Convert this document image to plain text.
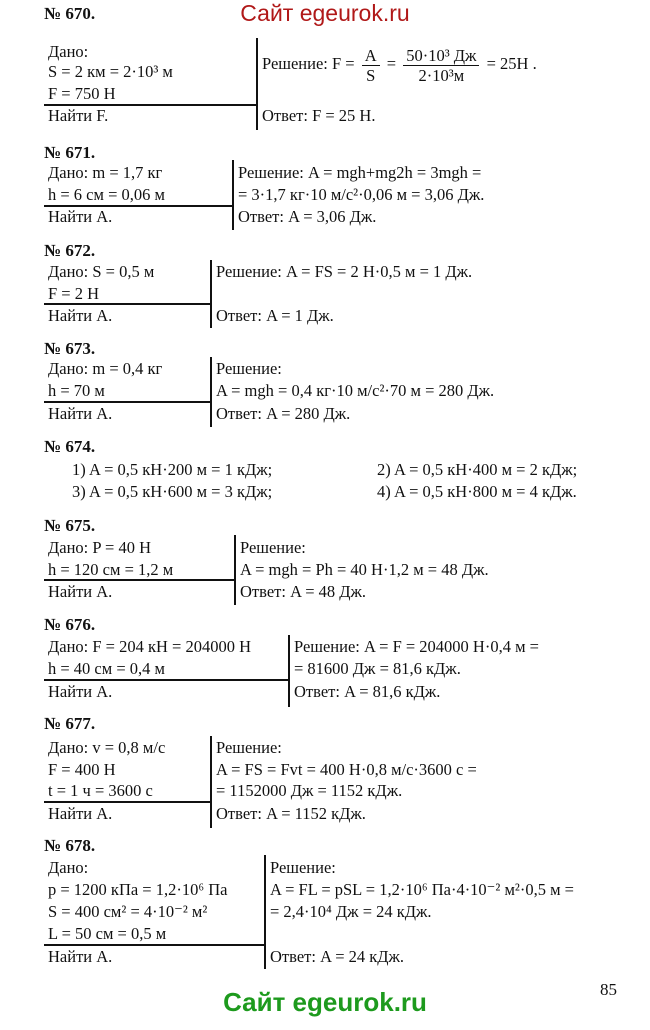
Сайт egeurok.ru
№ 670.
Дано:
S = 2 км = 2·10³ м
F = 750 Н
Найти F.
Решение: $F = \frac{A}{S} = \frac{\text{50·10³ Дж}}{\text{2·10³м}} = 25Н$ .
Ответ: F = 25 Н.
№ 671.
Дано: m = 1,7 кг
h = 6 см = 0,06 м
Найти A.
Решение: A = mgh+mg2h = 3mgh =
= 3·1,7 кг·10 м/с²·0,06 м = 3,06 Дж.
Ответ: A = 3,06 Дж.
№ 672.
Дано: S = 0,5 м
F = 2 Н
Найти A.
Решение: A = FS = 2 Н·0,5 м = 1 Дж.
Ответ: A = 1 Дж.
№ 673.
Дано: m = 0,4 кг
h = 70 м
Найти A.
Решение:
A = mgh = 0,4 кг·10 м/с²·70 м = 280 Дж.
Ответ: A = 280 Дж.
№ 674.
1) A = 0,5 кН·200 м = 1 кДж;	2) A = 0,5 кН·400 м = 2 кДж;
3) A = 0,5 кН·600 м = 3 кДж;	4) A = 0,5 кН·800 м = 4 кДж.
№ 675.
Дано: P = 40 Н
h = 120 см = 1,2 м
Найти A.
Решение:
A = mgh = Ph = 40 Н·1,2 м = 48 Дж.
Ответ: A = 48 Дж.
№ 676.
Дано: F = 204 кН = 204000 Н
h = 40 см = 0,4 м
Найти A.
Решение: A = F = 204000 Н·0,4 м =
= 81600 Дж = 81,6 кДж.
Ответ: A = 81,6 кДж.
№ 677.
Дано: v = 0,8 м/с
F = 400 Н
t = 1 ч = 3600 с
Найти A.
Решение:
A = FS = Fvt = 400 Н·0,8 м/с·3600 с =
= 1152000 Дж = 1152 кДж.
Ответ: A = 1152 кДж.
№ 678.
Дано:
p = 1200 кПа = 1,2·10⁶ Па
S = 400 см² = 4·10⁻² м²
L = 50 см = 0,5 м
Найти A.
Решение:
A = FL = pSL = 1,2·10⁶ Па·4·10⁻² м²·0,5 м =
= 2,4·10⁴ Дж = 24 кДж.
Ответ: A = 24 кДж.
85
Сайт egeurok.ru
